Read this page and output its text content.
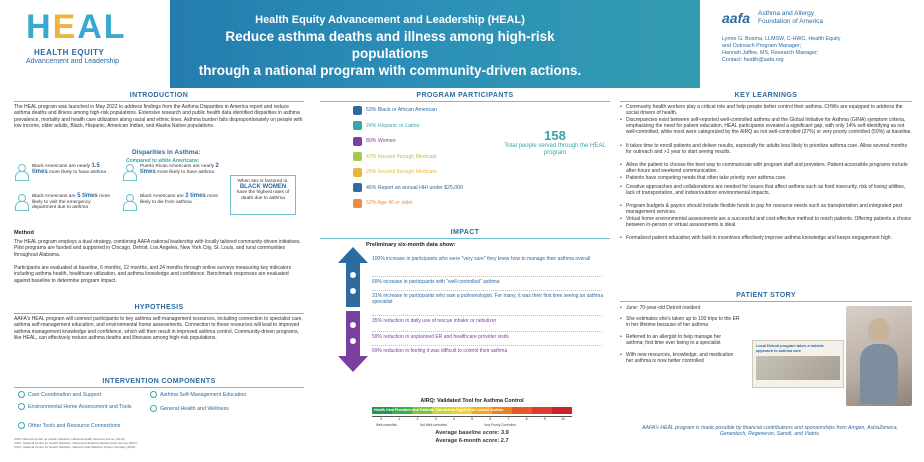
HEAL
HEALTH EQUITY
Advancement and Leadership
Health Equity Advancement and Leadership (HEAL)
Reduce asthma deaths and illness among high-risk populations
through a national program with community-driven actions.
aafa Asthma and Allergy Foundation of America
Lynne G. Bosma, LLMSW, C-HWC, Health Equity
and Outreach Program Manager;
Hannah Jaffee, MS, Research Manager;
Contact: health@aafa.org
INTRODUCTION
The HEAL program was launched in May 2022 to address findings from the Asthma Disparities in America report and reduce asthma deaths and illness among high-risk populations. Extensive research and public health data identified disparities in asthma prevalence, mortality and health care utilization along racial and ethnic lines. Asthma burden falls disproportionately on people with low income, older adults, Black, Hispanic, American Indian, and Alaska Native populations.
Disparities in Asthma:
Compared to white Americans:
Black Americans are nearly 1.5 times more likely to have asthma
Puerto Rican Americans are nearly 2 times more likely to have asthma
Black Americans are 5 times more likely to visit the emergency department due to asthma
Black Americans are 3 times more likely to die from asthma
When sex is factored in,
BLACK WOMEN
have the highest rates of death due to asthma
Method
The HEAL program employs a dual strategy, combining AAFA national leadership with locally tailored community-driven initiatives. Pilot programs are funded and supported in Chicago, Detroit, Los Angeles, New York City, St. Louis, and rural communities throughout Alabama.
Participants are evaluated at baseline, 6 months, 12 months, and 24 months through online surveys measuring key indicators including asthma health, healthcare utilization, and asthma knowledge and confidence. Benchmark responses are evaluated against baseline to determine program impact.
HYPOTHESIS
AAFA's HEAL program will connect participants to key asthma self-management resources, including connection to specialist care, asthma self-management education, and environmental home assessments. Connection to these resources will lead to improved asthma management knowledge and confidence, which will then result in improved asthma control. Community-driven programs, like HEAL, can effectively reduce asthma deaths and illnesses among high-risk populations.
INTERVENTION COMPONENTS
Care Coordination and Support	Asthma Self-Management Education
Environmental Home Assessment and Tools	General Health and Wellness
Other Tools and Resource Connections
¹CDC National Center for Health Statistics, National Health Interview Survey (2019)
²CDC, National Center for Health Statistics, National Ambulatory Medical Care Survey (2017)
³CDC, National Center for Health Statistics, National Vital Statistics System Mortality (2018)
PROGRAM PARTICIPANTS
53% Black or African American
24% Hispanic or Latino
80% Women
47% Insured through Medicaid
25% Insured through Medicare
46% Report an annual HHI under $25,000
52% Age 40 or older
158
Total people served through the HEAL program
IMPACT
Preliminary six-month data show:
100% increase in participants who were "very sure" they knew how to manage their asthma overall
69% increase in participants with "well-controlled" asthma
31% increase in participants who saw a pulmonologist. For many, it was their first time seeing an asthma specialist
35% reduction in daily use of rescue inhaler or nebulizer
59% reduction in unplanned ER and healthcare provider visits
69% reduction in feeling it was difficult to control their asthma
AIRQ: Validated Tool for Asthma Control
Health Care Providers and Patients Take Action Together to Control Asthma
0	1	2	3	4	5	6	7	8	9	10
Well-controlled	Not Well-controlled	Very Poorly Controlled
Average baseline score: 3.9
Average 6-month score: 2.7
KEY LEARNINGS
• Community health workers play a critical role and help people better control their asthma. CHWs are equipped to address the social drivers of health.
• Discrepancies exist between self-reported well-controlled asthma and the Global Initiative for Asthma (GINA) symptom criteria, emphasizing the need for patient education. HEAL participants revealed a significant gap, with only 14% self-identifying as not well-controlled, while most were categorized by the AIRQ as not well-controlled (27%) or very poorly controlled (50%) at baseline.
• It takes time to enroll patients and deliver results, especially for adults less likely to prioritize asthma care. Allow several months for outreach and >1 year to start seeing results.
• Allow the patient to choose the best way to communicate with program staff and providers. Patient-accessible programs include after-hours and weekend communication.
• Patients have competing needs that often take priority over asthma care.
• Creative approaches and collaborations are needed for issues that affect asthma such as food insecurity, risk of losing utilities, lack of transportation, and indoor/outdoor environmental impacts.
• Program budgets & payors should include flexible funds to pay for resource needs such as transportation and integrated pest management services.
• Virtual home environmental assessments are a successful and cost-effective method to reach patients. Offering patients a choice between in-person or virtual assessments is ideal.
• Formalized patient education with built-in incentives effectively improve asthma knowledge and keeps engagement high.
PATIENT STORY
• June: 70-year-old Detroit resident
• She estimates she's taken up to 100 trips to the ER in her lifetime because of her asthma
• Referred to an allergist to help manage her asthma; first time ever being to a specialist
• With new resources, knowledge, and medication her asthma is now better controlled
Local Detroit program takes a holistic approach to asthma care
AAFA's HEAL program is made possible by financial contributions and sponsorships from Amgen, AstraZeneca, Genentech, Regeneron, Sanofi, and Viatris.
